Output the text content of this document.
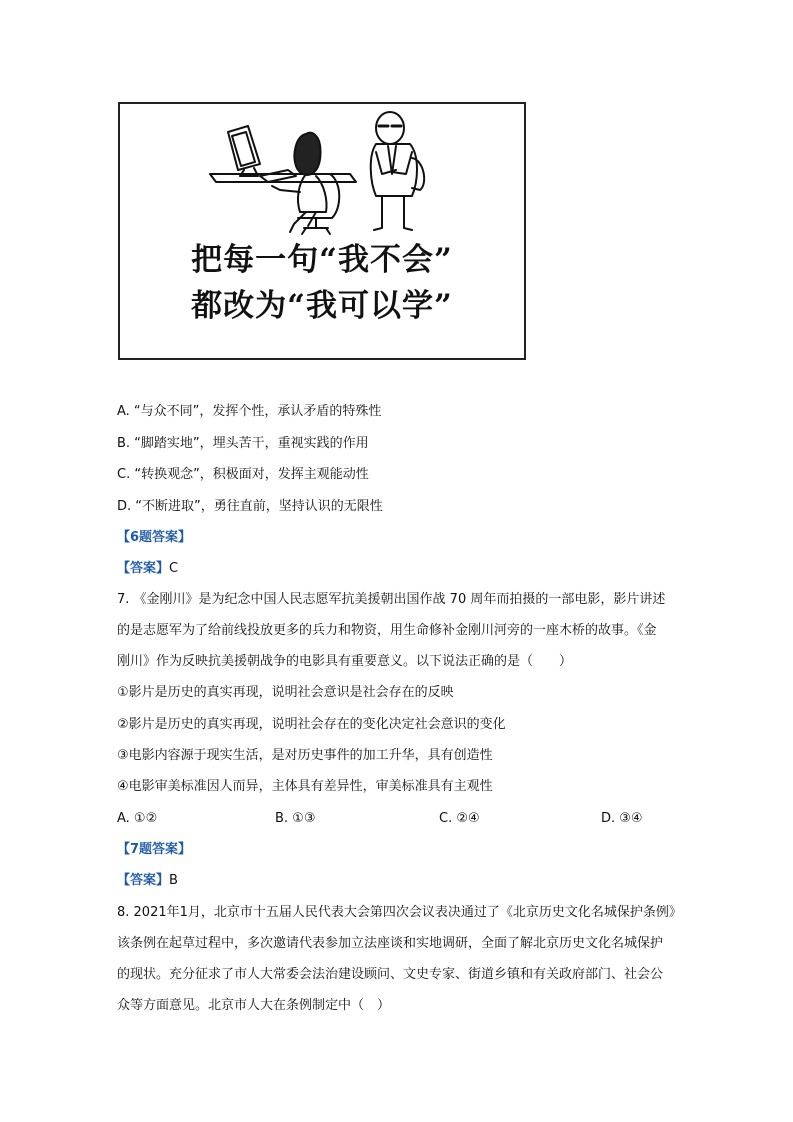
把每一句“我不会”
都改为“我可以学”
A. “与众不同”，发挥个性，承认矛盾的特殊性
B. “脚踏实地”，埋头苦干，重视实践的作用
C. “转换观念”，积极面对，发挥主观能动性
D. “不断进取”，勇往直前，坚持认识的无限性
【6题答案】
【答案】C
7. 《金刚川》是为纪念中国人民志愿军抗美援朝出国作战 70 周年而拍摄的一部电影，影片讲述
的是志愿军为了给前线投放更多的兵力和物资，用生命修补金刚川河旁的一座木桥的故事。《金
刚川》作为反映抗美援朝战争的电影具有重要意义。以下说法正确的是（　　）
①影片是历史的真实再现，说明社会意识是社会存在的反映
②影片是历史的真实再现，说明社会存在的变化决定社会意识的变化
③电影内容源于现实生活，是对历史事件的加工升华，具有创造性
④电影审美标准因人而异，主体具有差异性，审美标准具有主观性
A. ①②	B. ①③	C. ②④	D. ③④
【7题答案】
【答案】B
8. 2021年1月，北京市十五届人民代表大会第四次会议表决通过了《北京历史文化名城保护条例》
该条例在起草过程中，多次邀请代表参加立法座谈和实地调研，全面了解北京历史文化名城保护
的现状。充分征求了市人大常委会法治建设顾问、文史专家、街道乡镇和有关政府部门、社会公
众等方面意见。北京市人大在条例制定中（　）
